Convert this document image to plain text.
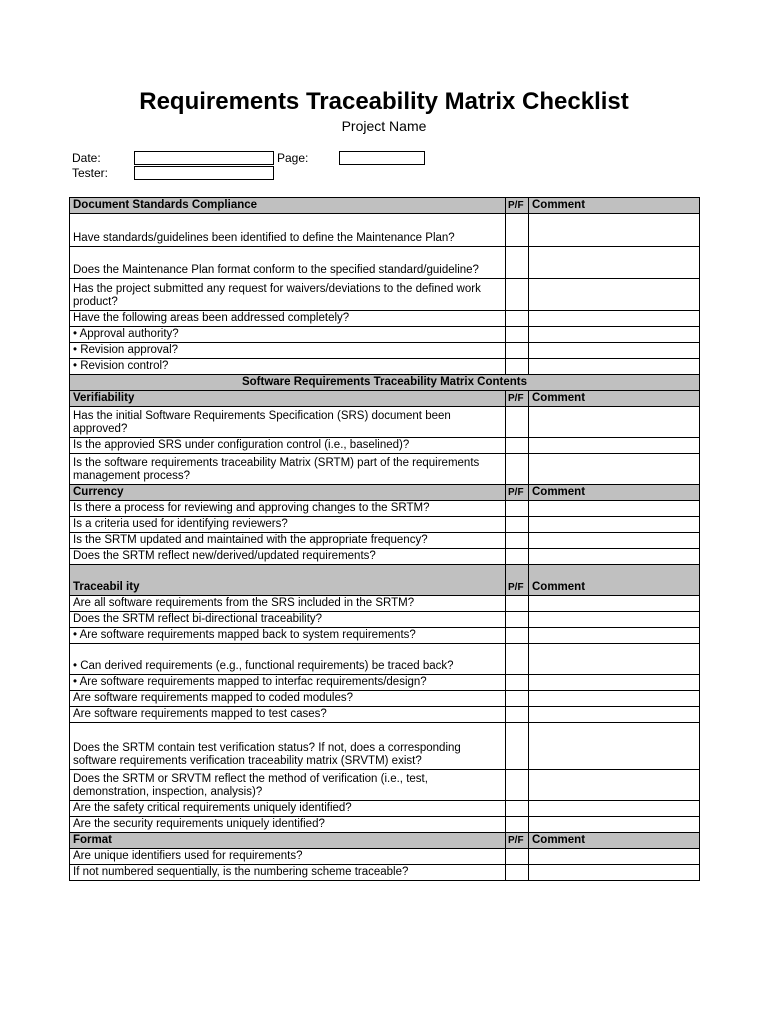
Requirements Traceability Matrix Checklist
Project Name
Date:	Page:
Tester:
Document Standards Compliance	P/F	Comment
Have standards/guidelines been identified to define the Maintenance Plan?		
Does the Maintenance Plan format conform to the specified standard/guideline?		
Has the project submitted any request for waivers/deviations to the defined work product?		
Have the following areas been addressed completely?		
• Approval authority?		
• Revision approval?		
• Revision control?		
Software Requirements Traceability Matrix Contents		
Verifiability	P/F	Comment
Has the initial Software Requirements Specification (SRS) document been approved?		
Is the approvied SRS under configuration control (i.e., baselined)?		
Is the software requirements traceability Matrix (SRTM) part of the requirements management process?		
Currency	P/F	Comment
Is there a process for reviewing and approving changes to the SRTM?		
Is a criteria used for identifying reviewers?		
Is the SRTM updated and maintained with the appropriate frequency?		
Does the SRTM reflect new/derived/updated requirements?		
Traceabil ity	P/F	Comment
Are all software requirements from the SRS included in the SRTM?		
Does the SRTM reflect bi-directional traceability?		
• Are software requirements mapped back to system requirements?		
• Can derived requirements (e.g., functional requirements) be traced back?		
• Are software requirements mapped to interfac requirements/design?		
Are software requirements mapped to coded modules?		
Are software requirements mapped to test cases?		
Does the SRTM contain test verification status? If not, does a corresponding software requirements verification traceability matrix (SRVTM) exist?		
Does the SRTM or SRVTM reflect the method of verification (i.e., test, demonstration, inspection, analysis)?		
Are the safety critical requirements uniquely identified?		
Are the security requirements uniquely identified?		
Format	P/F	Comment
Are unique identifiers used for requirements?		
If not numbered sequentially, is the numbering scheme traceable?		
